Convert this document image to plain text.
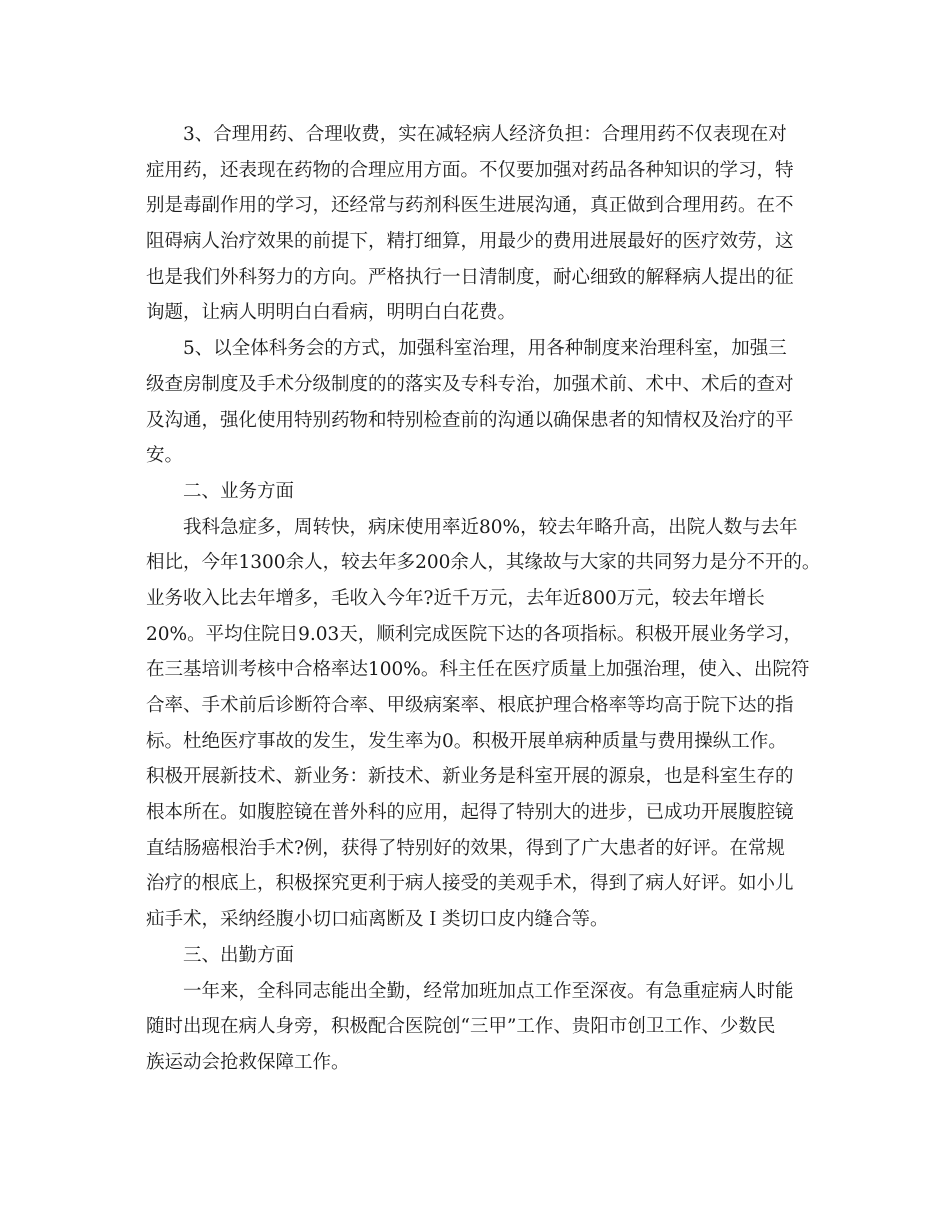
3、合理用药、合理收费，实在减轻病人经济负担：合理用药不仅表现在对
症用药，还表现在药物的合理应用方面。不仅要加强对药品各种知识的学习，特
别是毒副作用的学习，还经常与药剂科医生进展沟通，真正做到合理用药。在不
阻碍病人治疗效果的前提下，精打细算，用最少的费用进展最好的医疗效劳，这
也是我们外科努力的方向。严格执行一日清制度，耐心细致的解释病人提出的征
询题，让病人明明白白看病，明明白白花费。
5、以全体科务会的方式，加强科室治理，用各种制度来治理科室，加强三
级查房制度及手术分级制度的的落实及专科专治，加强术前、术中、术后的查对
及沟通，强化使用特别药物和特别检查前的沟通以确保患者的知情权及治疗的平
安。
二、业务方面
我科急症多，周转快，病床使用率近80%，较去年略升高，出院人数与去年
相比，今年1300余人，较去年多200余人，其缘故与大家的共同努力是分不开的。
业务收入比去年增多，毛收入今年?近千万元，去年近800万元，较去年增长
20%。平均住院日9.03天，顺利完成医院下达的各项指标。积极开展业务学习，
在三基培训考核中合格率达100%。科主任在医疗质量上加强治理，使入、出院符
合率、手术前后诊断符合率、甲级病案率、根底护理合格率等均高于院下达的指
标。杜绝医疗事故的发生，发生率为0。积极开展单病种质量与费用操纵工作。
积极开展新技术、新业务：新技术、新业务是科室开展的源泉，也是科室生存的
根本所在。如腹腔镜在普外科的应用，起得了特别大的进步，已成功开展腹腔镜
直结肠癌根治手术?例，获得了特别好的效果，得到了广大患者的好评。在常规
治疗的根底上，积极探究更利于病人接受的美观手术，得到了病人好评。如小儿
疝手术，采纳经腹小切口疝离断及Ｉ类切口皮内缝合等。
三、出勤方面
一年来，全科同志能出全勤，经常加班加点工作至深夜。有急重症病人时能
随时出现在病人身旁，积极配合医院创“三甲”工作、贵阳市创卫工作、少数民
族运动会抢救保障工作。
